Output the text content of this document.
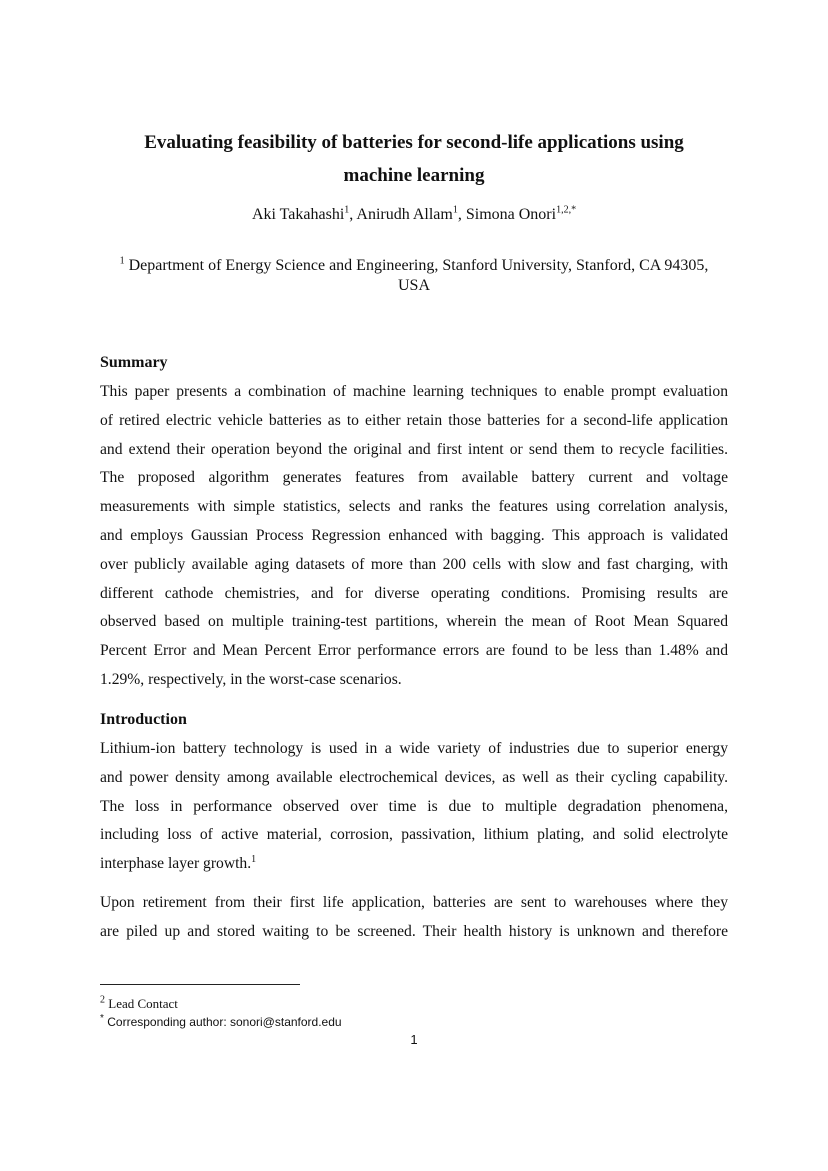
Evaluating feasibility of batteries for second-life applications using
machine learning
Aki Takahashi$^1$, Anirudh Allam$^1$, Simona Onori$^{1,2,*}$
$^1$ Department of Energy Science and Engineering, Stanford University, Stanford, CA 94305,
USA
Summary
This paper presents a combination of machine learning techniques to enable prompt evaluation
of retired electric vehicle batteries as to either retain those batteries for a second-life application
and extend their operation beyond the original and first intent or send them to recycle facilities.
The proposed algorithm generates features from available battery current and voltage
measurements with simple statistics, selects and ranks the features using correlation analysis,
and employs Gaussian Process Regression enhanced with bagging. This approach is validated
over publicly available aging datasets of more than 200 cells with slow and fast charging, with
different cathode chemistries, and for diverse operating conditions. Promising results are
observed based on multiple training-test partitions, wherein the mean of Root Mean Squared
Percent Error and Mean Percent Error performance errors are found to be less than 1.48% and
1.29%, respectively, in the worst-case scenarios.
Introduction
Lithium-ion battery technology is used in a wide variety of industries due to superior energy
and power density among available electrochemical devices, as well as their cycling capability.
The loss in performance observed over time is due to multiple degradation phenomena,
including loss of active material, corrosion, passivation, lithium plating, and solid electrolyte
interphase layer growth.$^1$
Upon retirement from their first life application, batteries are sent to warehouses where they
are piled up and stored waiting to be screened. Their health history is unknown and therefore
$^2$ Lead Contact
* Corresponding author: sonori@stanford.edu
1
